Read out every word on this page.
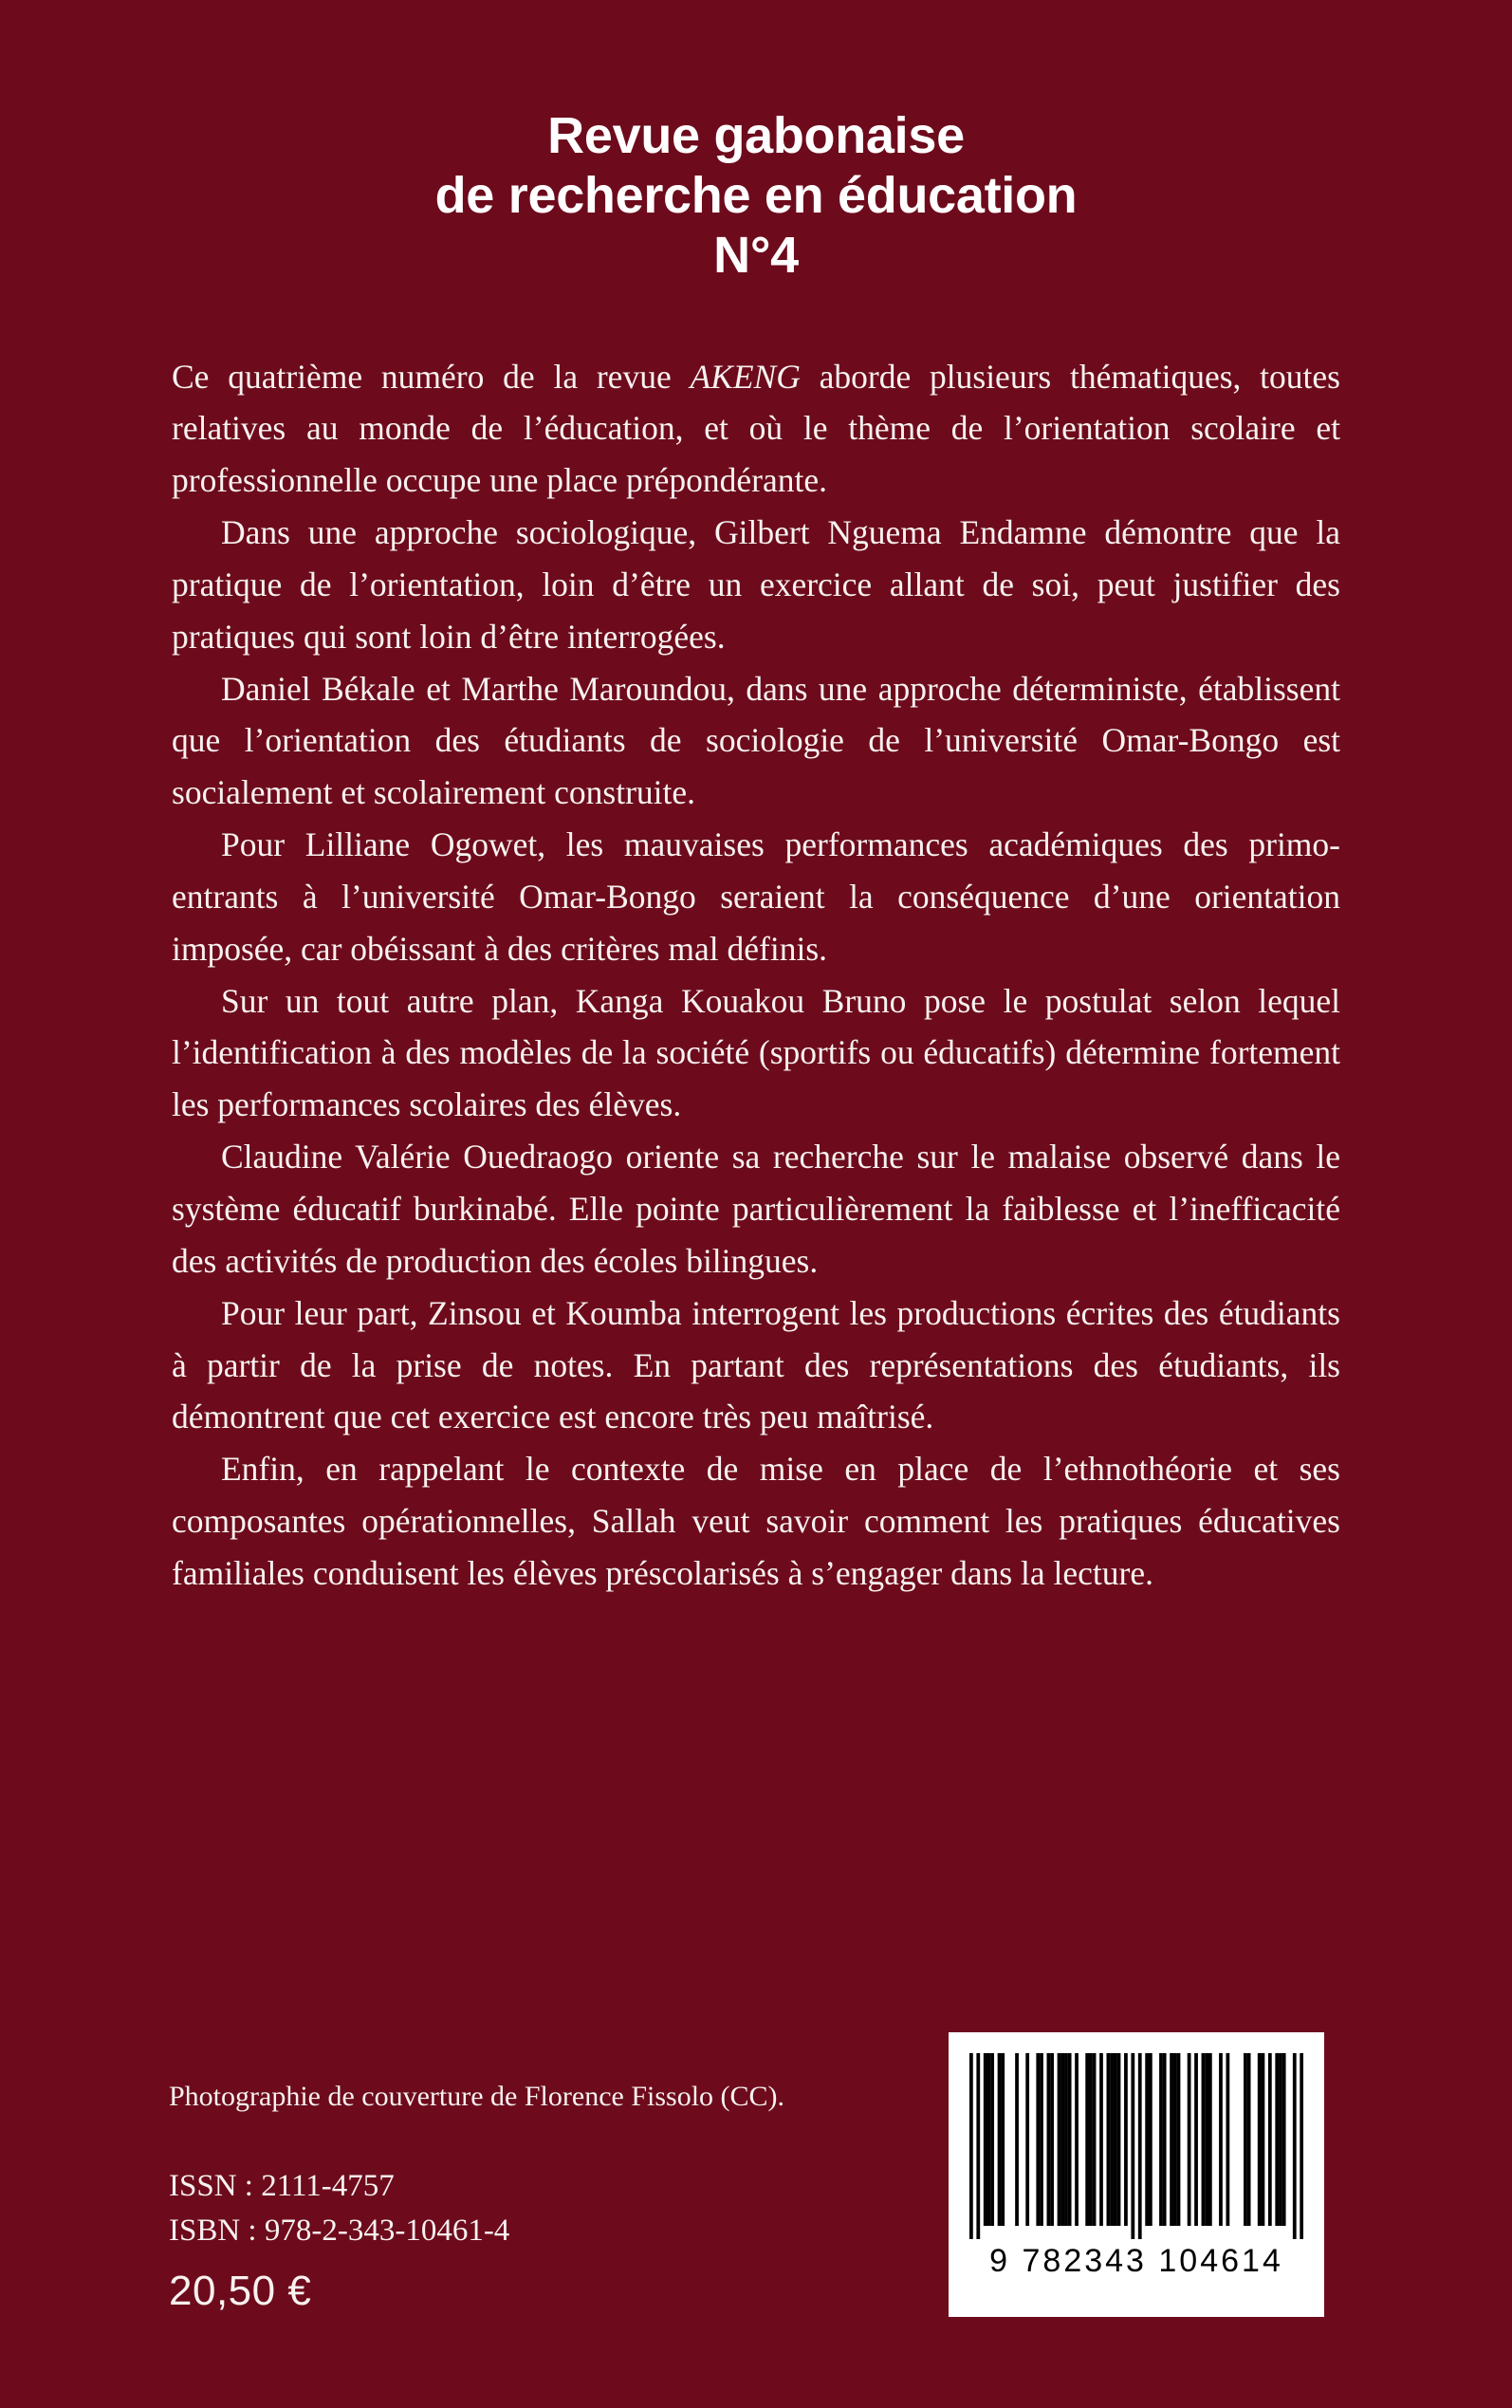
Revue gabonaise
de recherche en éducation
N°4

Ce quatrième numéro de la revue AKENG aborde plusieurs thématiques, toutes relatives au monde de l’éducation, et où le thème de l’orientation scolaire et professionnelle occupe une place prépondérante.

Dans une approche sociologique, Gilbert Nguema Endamne démontre que la pratique de l’orientation, loin d’être un exercice allant de soi, peut justifier des pratiques qui sont loin d’être interrogées.

Daniel Békale et Marthe Maroundou, dans une approche déterministe, établissent que l’orientation des étudiants de sociologie de l’université Omar-Bongo est socialement et scolairement construite.

Pour Lilliane Ogowet, les mauvaises performances académiques des primo-entrants à l’université Omar-Bongo seraient la conséquence d’une orientation imposée, car obéissant à des critères mal définis.

Sur un tout autre plan, Kanga Kouakou Bruno pose le postulat selon lequel l’identification à des modèles de la société (sportifs ou éducatifs) détermine fortement les performances scolaires des élèves.

Claudine Valérie Ouedraogo oriente sa recherche sur le malaise observé dans le système éducatif burkinabé. Elle pointe particulièrement la faiblesse et l’inefficacité des activités de production des écoles bilingues.

Pour leur part, Zinsou et Koumba interrogent les productions écrites des étudiants à partir de la prise de notes. En partant des représentations des étudiants, ils démontrent que cet exercice est encore très peu maîtrisé.

Enfin, en rappelant le contexte de mise en place de l’ethnothéorie et ses composantes opérationnelles, Sallah veut savoir comment les pratiques éducatives familiales conduisent les élèves préscolarisés à s’engager dans la lecture.

Photographie de couverture de Florence Fissolo (CC).
ISSN : 2111-4757
ISBN : 978-2-343-10461-4
20,50 €
9 782343 104614
